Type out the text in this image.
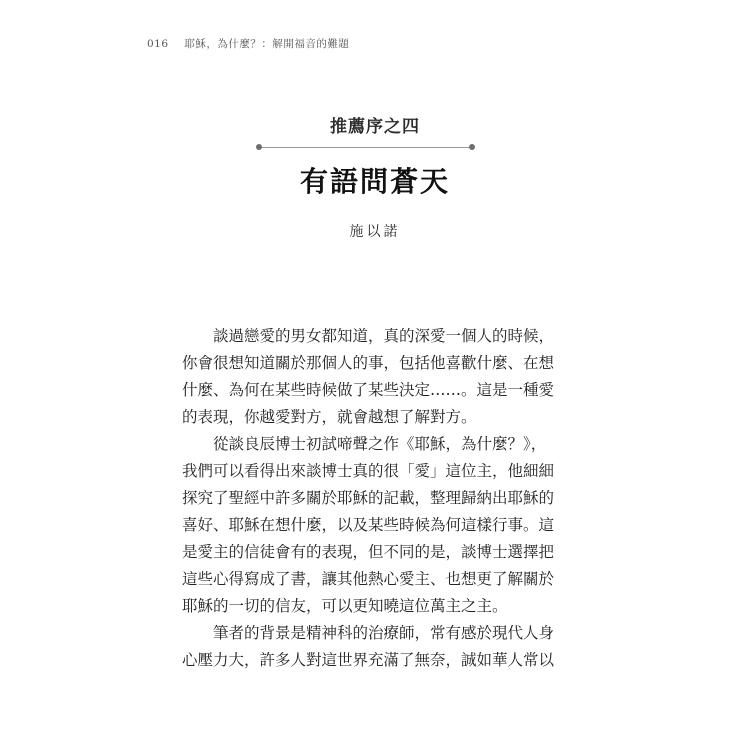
016 耶穌，為什麼？：解開福音的難題
推薦序之四
有語問蒼天
施以諾
　　談過戀愛的男女都知道，真的深愛一個人的時候，
你會很想知道關於那個人的事，包括他喜歡什麼、在想
什麼、為何在某些時候做了某些決定……。這是一種愛
的表現，你越愛對方，就會越想了解對方。
　　從談良辰博士初試啼聲之作《耶穌，為什麼？》，
我們可以看得出來談博士真的很「愛」這位主，他細細
探究了聖經中許多關於耶穌的記載，整理歸納出耶穌的
喜好、耶穌在想什麼，以及某些時候為何這樣行事。這
是愛主的信徒會有的表現，但不同的是，談博士選擇把
這些心得寫成了書，讓其他熱心愛主、也想更了解關於
耶穌的一切的信友，可以更知曉這位萬主之主。
　　筆者的背景是精神科的治療師，常有感於現代人身
心壓力大，許多人對這世界充滿了無奈，誠如華人常以
